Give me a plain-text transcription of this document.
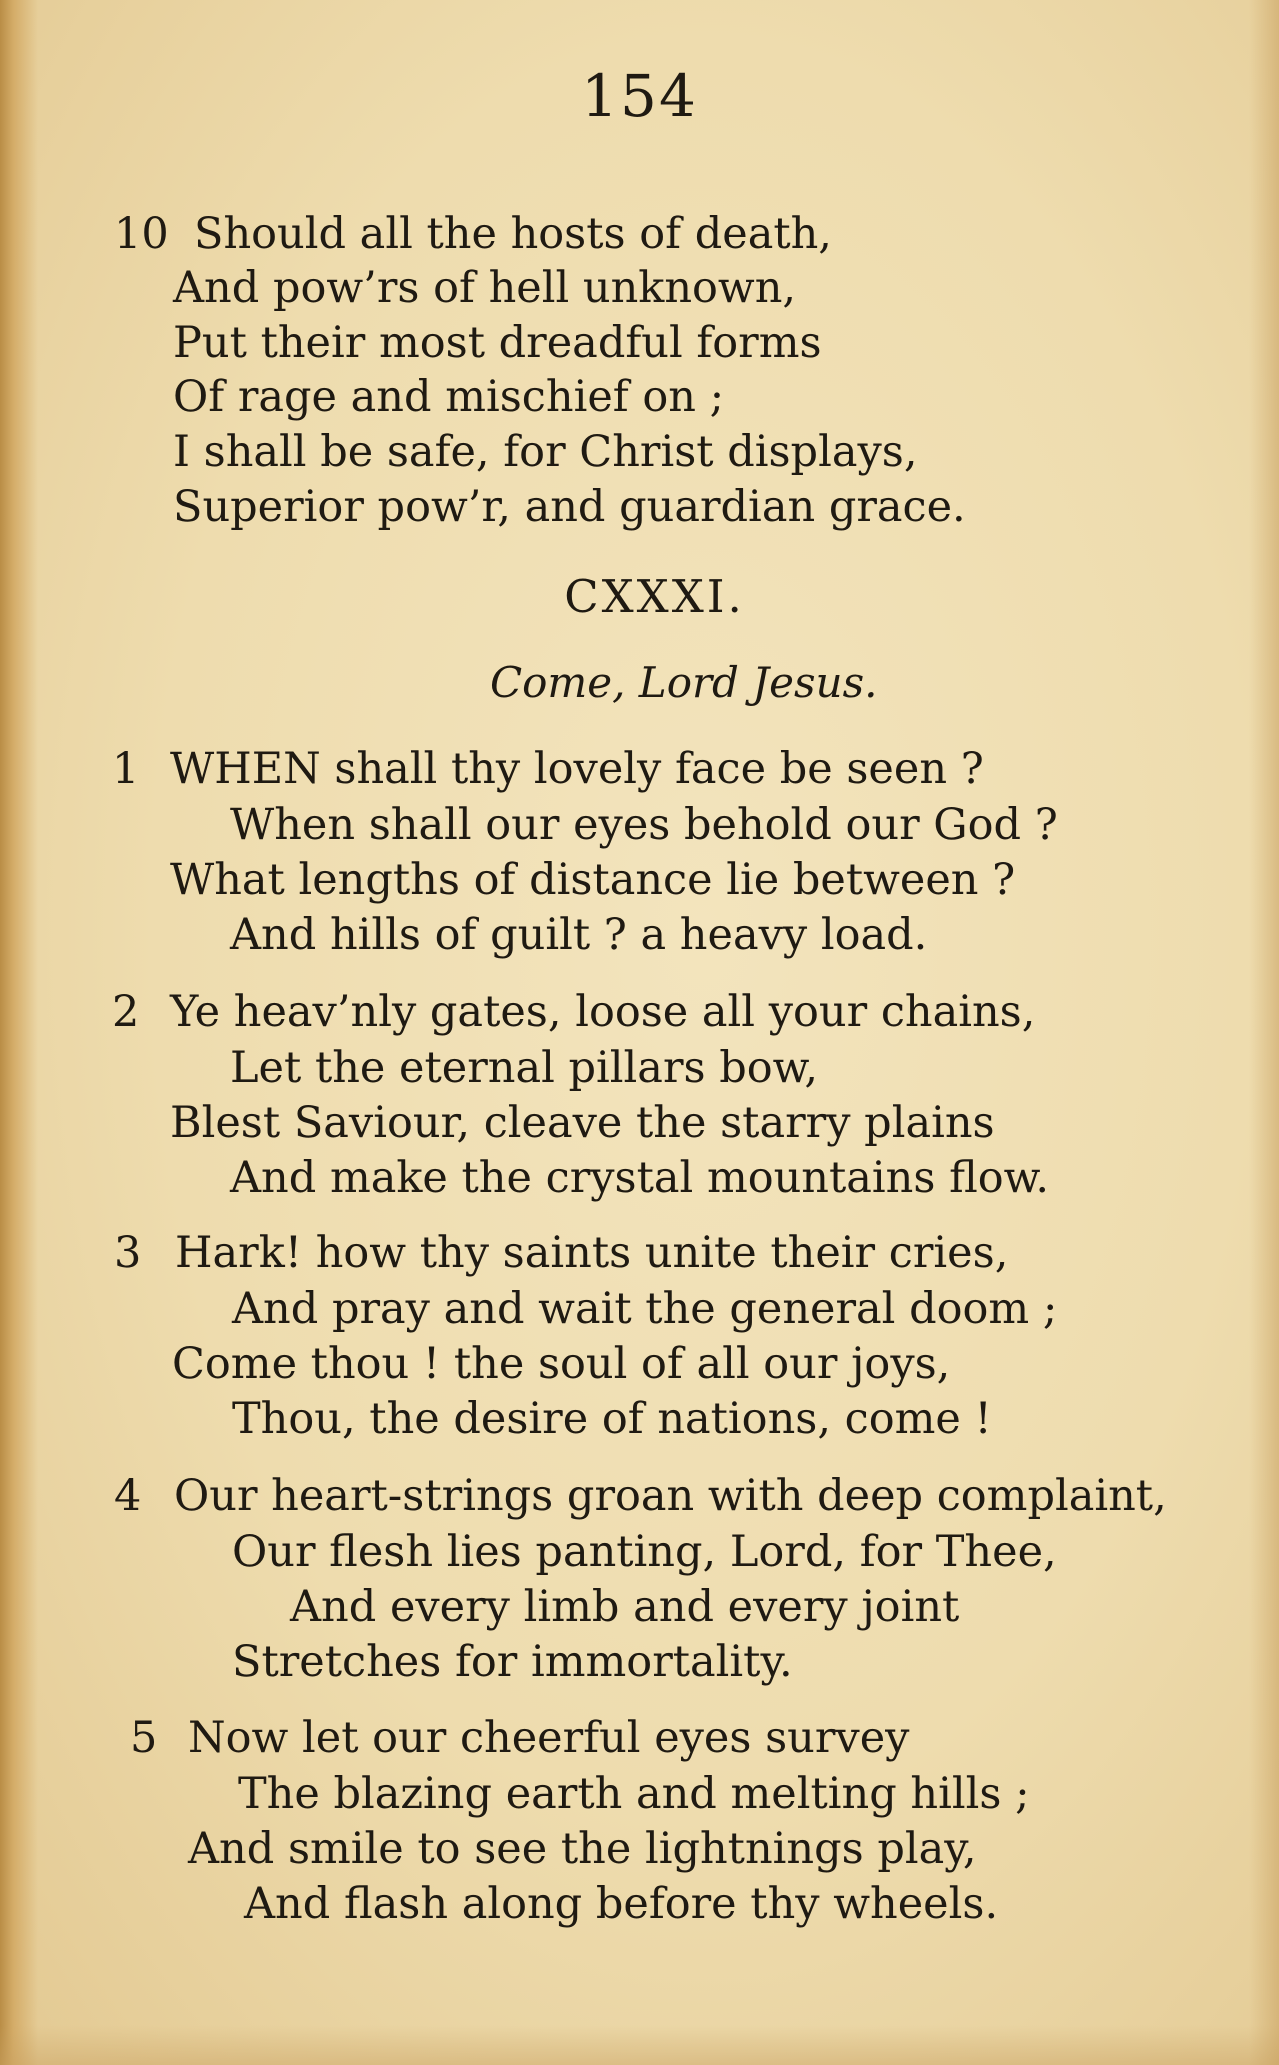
154
10 Should all the hosts of death,
And pow’rs of hell unknown,
Put their most dreadful forms
Of rage and mischief on ;
I shall be safe, for Christ displays,
Superior pow’r, and guardian grace.
CXXXI.
Come, Lord Jesus.
1 WHEN shall thy lovely face be seen ?
When shall our eyes behold our God ?
What lengths of distance lie between ?
And hills of guilt ? a heavy load.
2 Ye heav’nly gates, loose all your chains,
Let the eternal pillars bow,
Blest Saviour, cleave the starry plains
And make the crystal mountains flow.
3 Hark! how thy saints unite their cries,
And pray and wait the general doom ;
Come thou ! the soul of all our joys,
Thou, the desire of nations, come !
4 Our heart-strings groan with deep complaint,
Our flesh lies panting, Lord, for Thee,
And every limb and every joint
Stretches for immortality.
5 Now let our cheerful eyes survey
The blazing earth and melting hills ;
And smile to see the lightnings play,
And flash along before thy wheels.
